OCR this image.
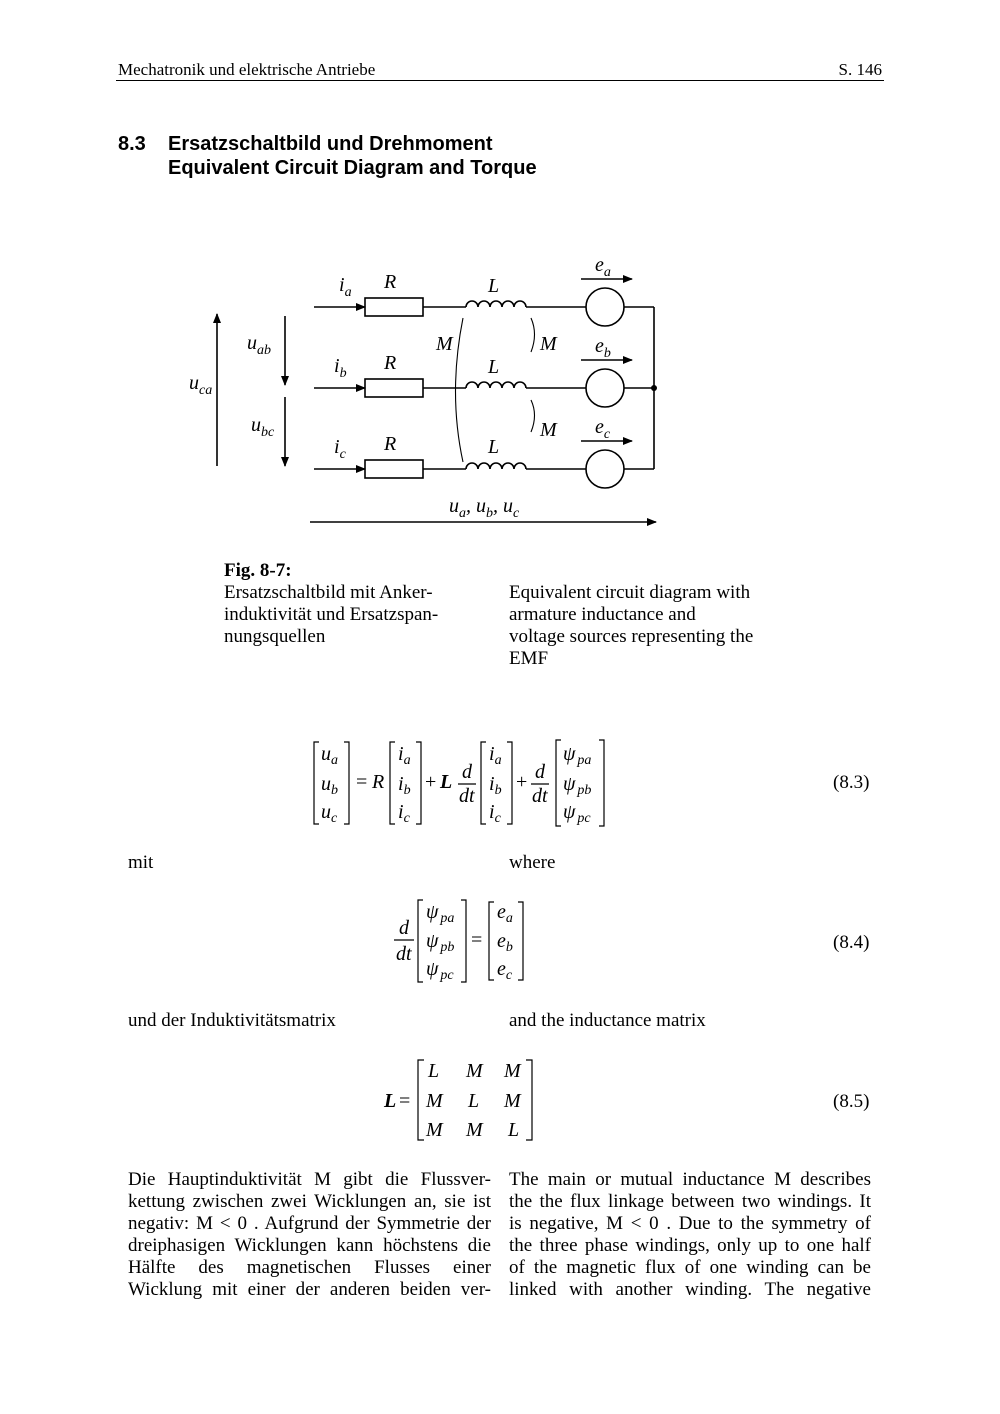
Mechatronik und elektrische Antriebe	S. 146
8.3 Ersatzschaltbild und Drehmoment
Equivalent Circuit Diagram and Torque
$i_a$
$i_b$
$i_c$
R
R
R
L
L
L
M	M
M
$e_a$
$e_b$
$e_c$
$u_{ab}$
$u_{bc}$
$u_{ca}$
$u_a$, $u_b$, $u_c$
Fig. 8-7:
Ersatzschaltbild mit Anker-
induktivität und Ersatzspan-
nungsquellen
Equivalent circuit diagram with
armature inductance and
voltage sources representing the
EMF
$u_a$
$u_b$
$u_c$
= R
$i_a$
$i_b$
$i_c$
+ L d
dt
$i_a$
$i_b$
$i_c$
+ d
dt
ψ $_{pa}$
ψ $_{pb}$
ψ $_{pc}$
(8.3)
mit	where
d
dt
ψ $_{pa}$
ψ $_{pb}$
ψ $_{pc}$
=
$e_a$
$e_b$
$e_c$
(8.4)
und der Induktivitätsmatrix	and the inductance matrix
L =
L M M
M L M
M M L
(8.5)
Die Hauptinduktivität M gibt die Flussver-
kettung zwischen zwei Wicklungen an, sie ist
negativ: M < 0 . Aufgrund der Symmetrie der
dreiphasigen Wicklungen kann höchstens die
Hälfte des magnetischen Flusses einer
Wicklung mit einer der anderen beiden ver-
The main or mutual inductance M describes
the the flux linkage between two windings. It
is negative, M < 0 . Due to the symmetry of
the three phase windings, only up to one half
of the magnetic flux of one winding can be
linked with another winding. The negative
